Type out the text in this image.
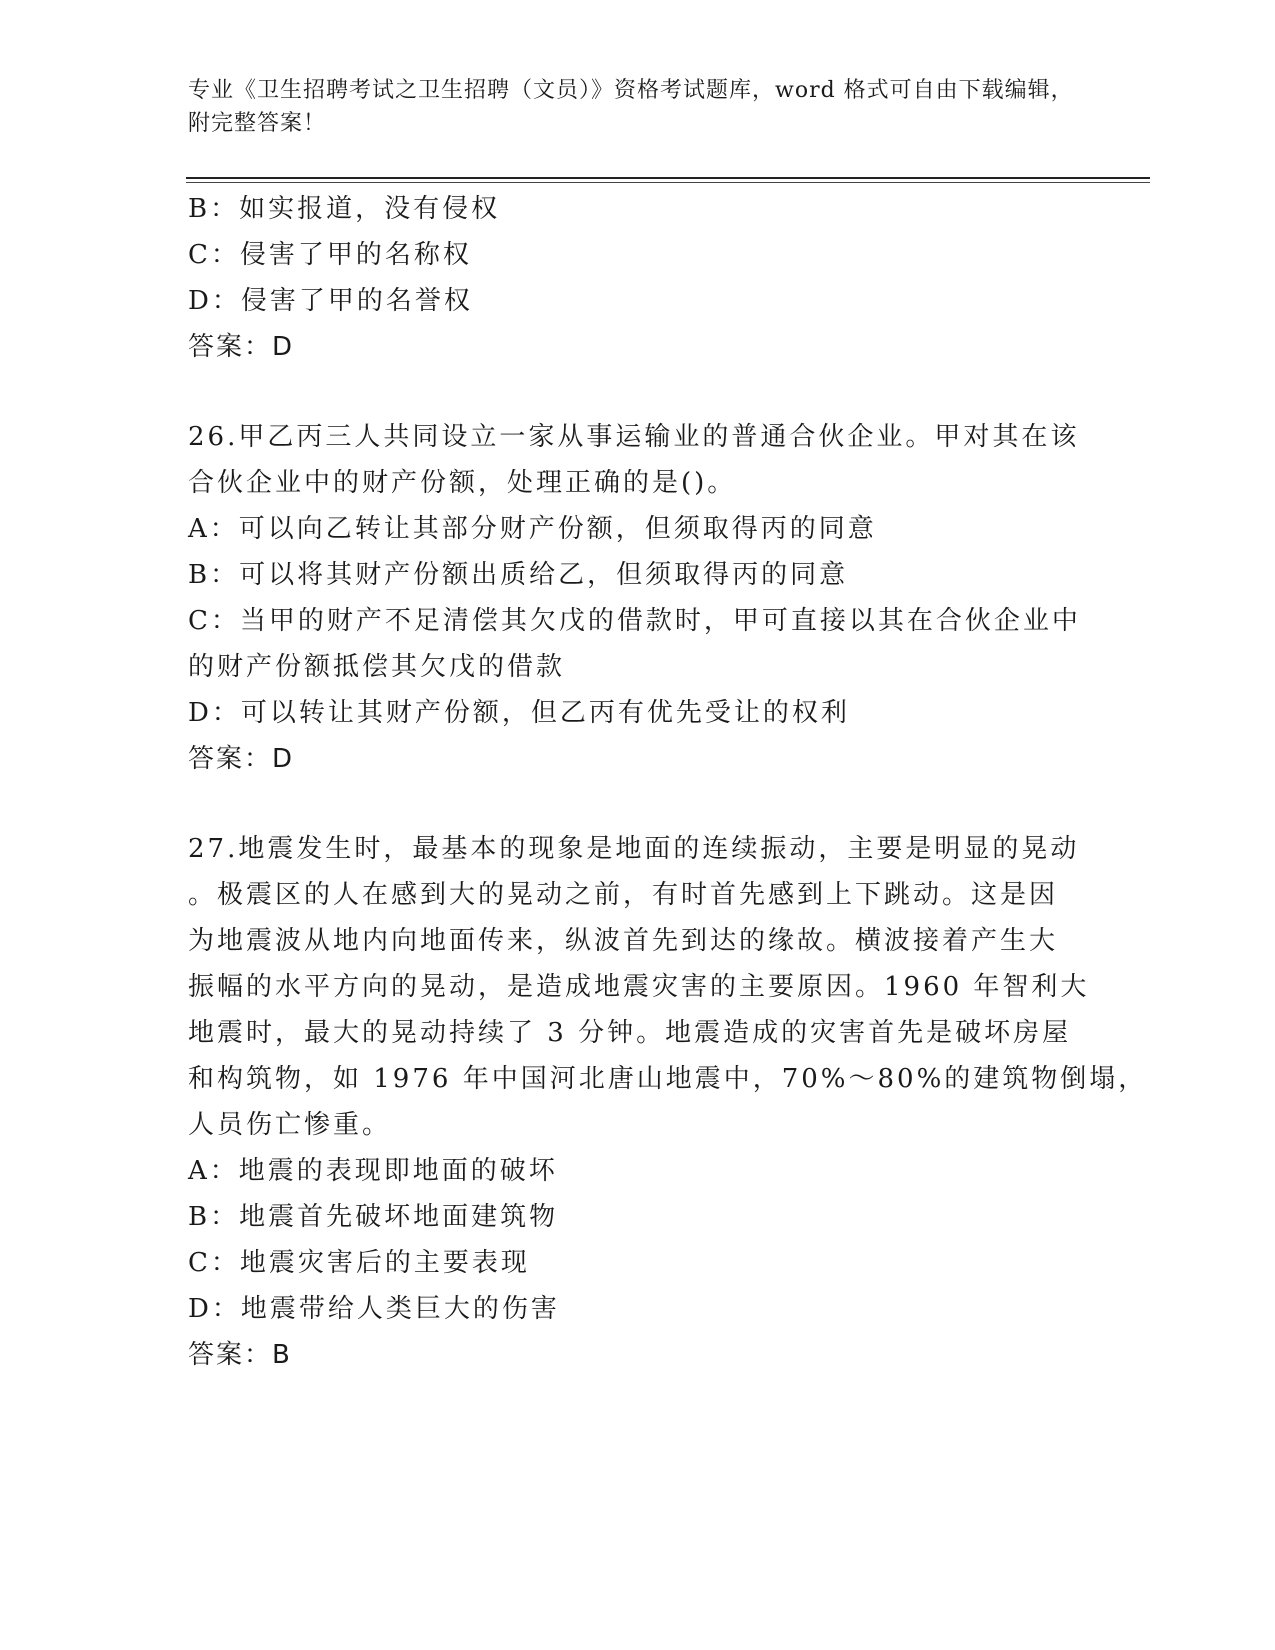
专业《卫生招聘考试之卫生招聘（文员）》资格考试题库，word 格式可自由下载编辑，附完整答案！
B：如实报道，没有侵权
C：侵害了甲的名称权
D：侵害了甲的名誉权
答案：D
26.甲乙丙三人共同设立一家从事运输业的普通合伙企业。甲对其在该
合伙企业中的财产份额，处理正确的是()。
A：可以向乙转让其部分财产份额，但须取得丙的同意
B：可以将其财产份额出质给乙，但须取得丙的同意
C：当甲的财产不足清偿其欠戊的借款时，甲可直接以其在合伙企业中
的财产份额抵偿其欠戊的借款
D：可以转让其财产份额，但乙丙有优先受让的权利
答案：D
27.地震发生时，最基本的现象是地面的连续振动，主要是明显的晃动
。极震区的人在感到大的晃动之前，有时首先感到上下跳动。这是因
为地震波从地内向地面传来，纵波首先到达的缘故。横波接着产生大
振幅的水平方向的晃动，是造成地震灾害的主要原因。1960 年智利大
地震时，最大的晃动持续了 3 分钟。地震造成的灾害首先是破坏房屋
和构筑物，如 1976 年中国河北唐山地震中，70%～80%的建筑物倒塌，
人员伤亡惨重。
A：地震的表现即地面的破坏
B：地震首先破坏地面建筑物
C：地震灾害后的主要表现
D：地震带给人类巨大的伤害
答案：B
